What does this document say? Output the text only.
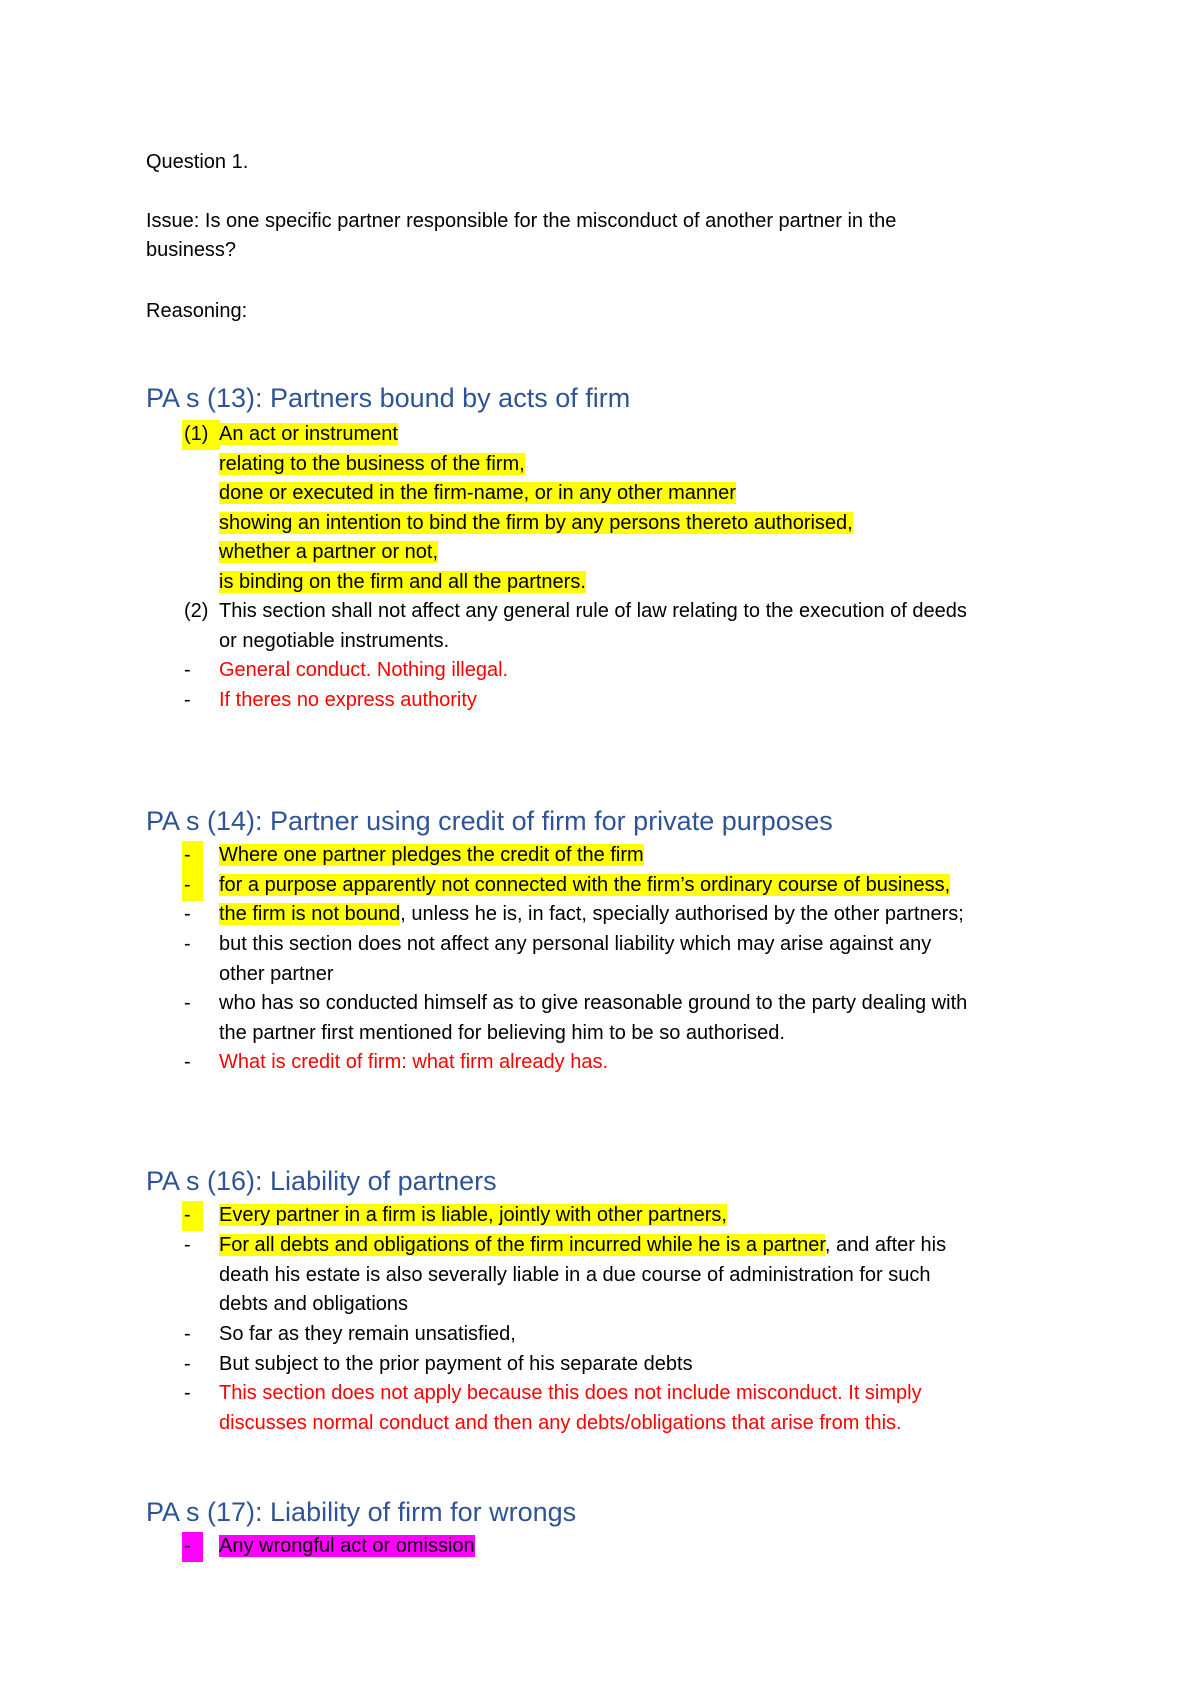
Question 1.
Issue: Is one specific partner responsible for the misconduct of another partner in the
business?
Reasoning:
PA s (13): Partners bound by acts of firm
(1) An act or instrument
relating to the business of the firm,
done or executed in the firm-name, or in any other manner
showing an intention to bind the firm by any persons thereto authorised,
whether a partner or not,
is binding on the firm and all the partners.
(2) This section shall not affect any general rule of law relating to the execution of deeds
or negotiable instruments.
- General conduct. Nothing illegal.
- If theres no express authority
PA s (14): Partner using credit of firm for private purposes
-	Where one partner pledges the credit of the firm
-	for a purpose apparently not connected with the firm’s ordinary course of business,
- the firm is not bound, unless he is, in fact, specially authorised by the other partners;
- but this section does not affect any personal liability which may arise against any
other partner
- who has so conducted himself as to give reasonable ground to the party dealing with
the partner first mentioned for believing him to be so authorised.
- What is credit of firm: what firm already has.
PA s (16): Liability of partners
-	Every partner in a firm is liable, jointly with other partners,
- For all debts and obligations of the firm incurred while he is a partner, and after his
death his estate is also severally liable in a due course of administration for such
debts and obligations
- So far as they remain unsatisfied,
- But subject to the prior payment of his separate debts
- This section does not apply because this does not include misconduct. It simply
discusses normal conduct and then any debts/obligations that arise from this.
PA s (17): Liability of firm for wrongs
-	Any wrongful act or omission
